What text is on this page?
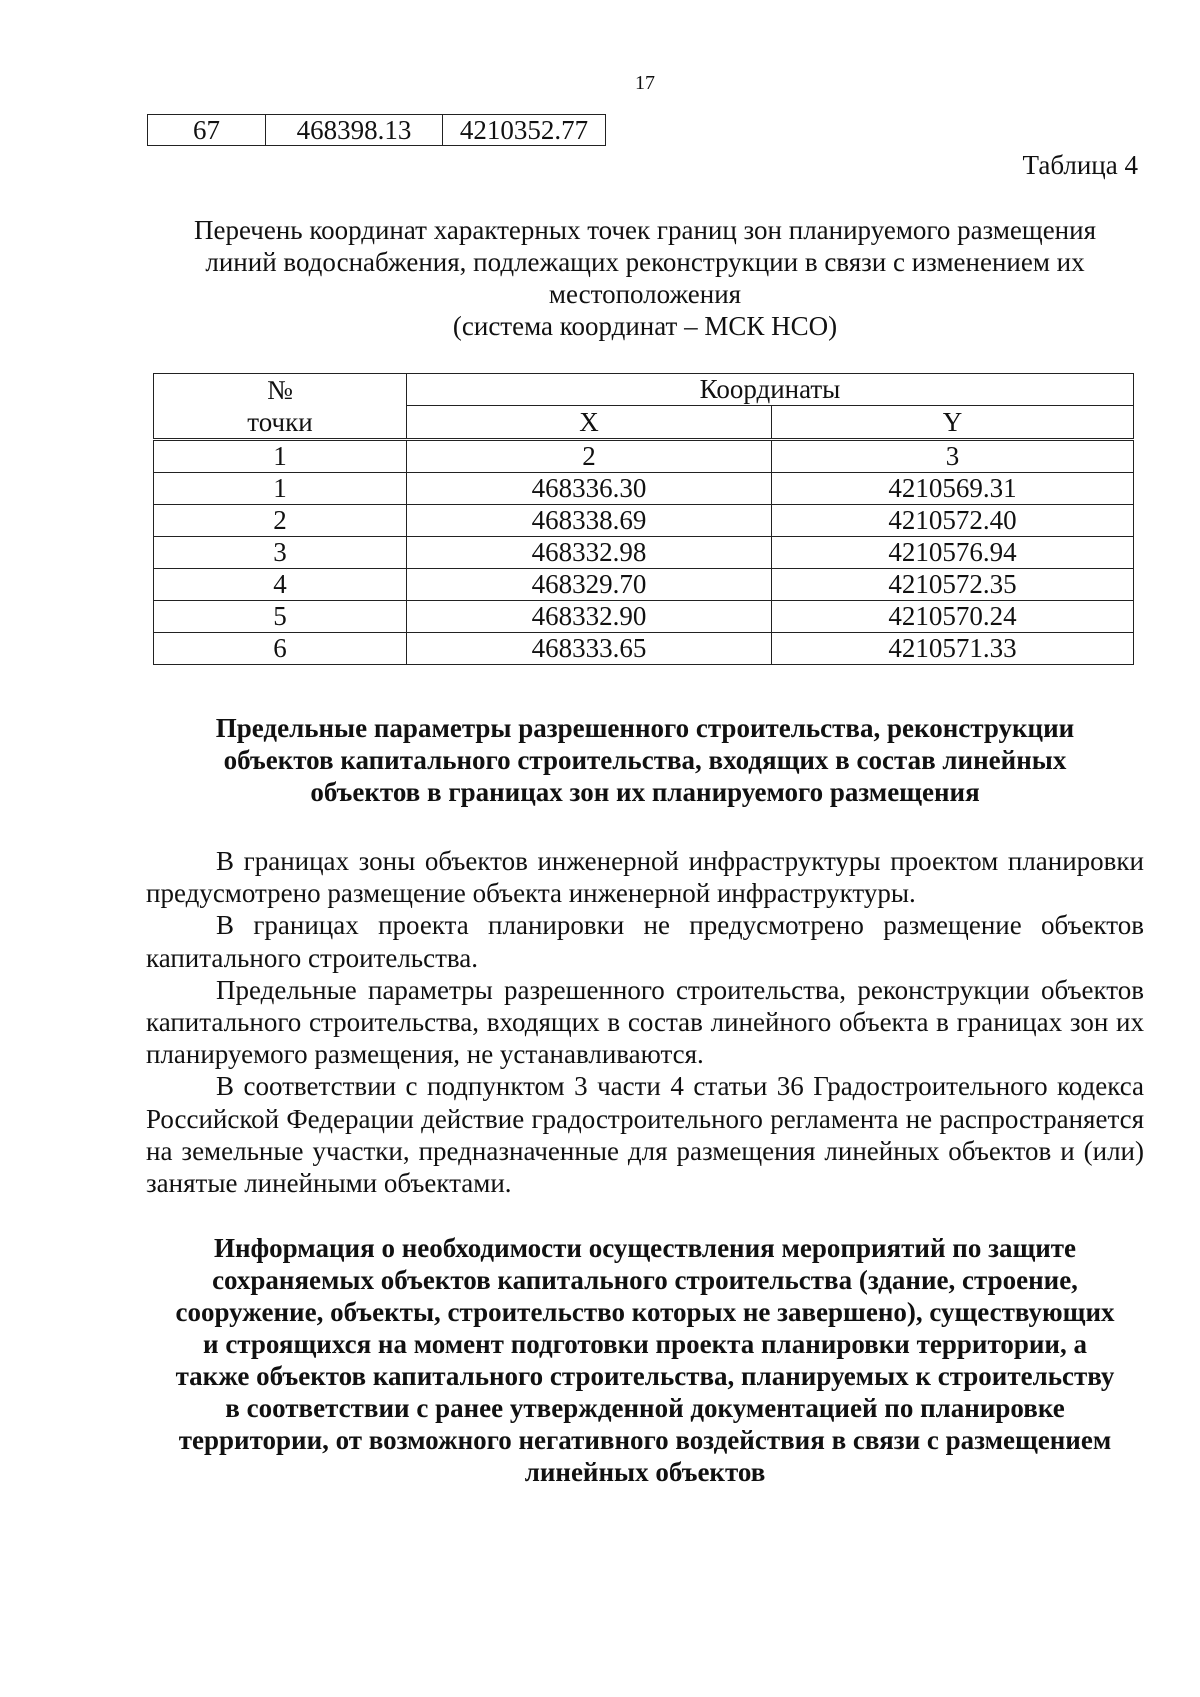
17
67	468398.13	4210352.77
Таблица 4
Перечень координат характерных точек границ зон планируемого размещения
линий водоснабжения, подлежащих реконструкции в связи с изменением их
местоположения
(система координат – МСК НСО)
№
точки	Координаты	
	X	Y
1	2	3
1	468336.30	4210569.31
2	468338.69	4210572.40
3	468332.98	4210576.94
4	468329.70	4210572.35
5	468332.90	4210570.24
6	468333.65	4210571.33
Предельные параметры разрешенного строительства, реконструкции
объектов капитального строительства, входящих в состав линейных
объектов в границах зон их планируемого размещения

В границах зоны объектов инженерной инфраструктуры проектом планировки предусмотрено размещение объекта инженерной инфраструктуры.

В границах проекта планировки не предусмотрено размещение объектов капитального строительства.

Предельные параметры разрешенного строительства, реконструкции объектов капитального строительства, входящих в состав линейного объекта в границах зон их планируемого размещения, не устанавливаются.

В соответствии с подпунктом 3 части 4 статьи 36 Градостроительного кодекса Российской Федерации действие градостроительного регламента не распространяется на земельные участки, предназначенные для размещения линейных объектов и (или) занятые линейными объектами.

Информация о необходимости осуществления мероприятий по защите
сохраняемых объектов капитального строительства (здание, строение,
сооружение, объекты, строительство которых не завершено), существующих
и строящихся на момент подготовки проекта планировки территории, а
также объектов капитального строительства, планируемых к строительству
в соответствии с ранее утвержденной документацией по планировке
территории, от возможного негативного воздействия в связи с размещением
линейных объектов
